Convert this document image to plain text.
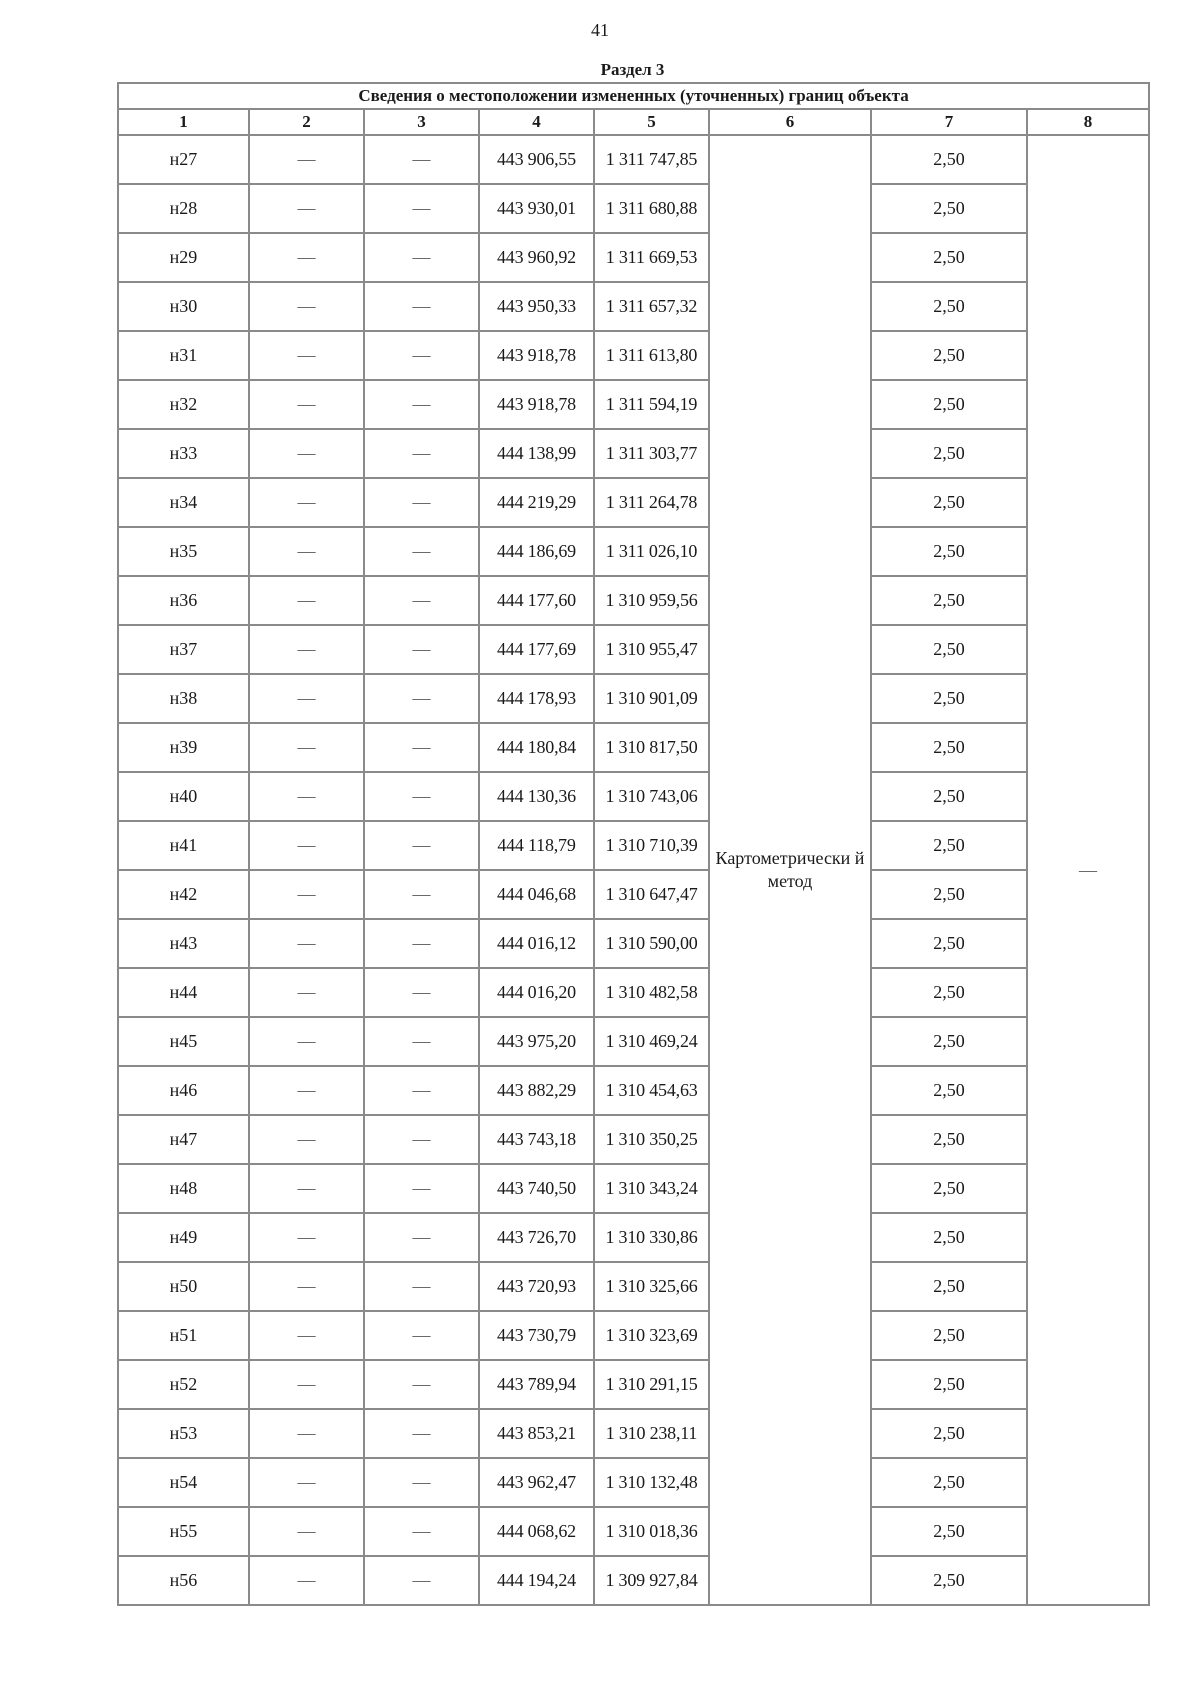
41
Раздел 3
Сведения о местоположении измененных (уточненных) границ объекта							
1	2	3	4	5	6	7	8
н27	—	—	443 906,55	1 311 747,85	Картометрически й метод	2,50	—
н28	—	—	443 930,01	1 311 680,88		2,50	
н29	—	—	443 960,92	1 311 669,53		2,50	
н30	—	—	443 950,33	1 311 657,32		2,50	
н31	—	—	443 918,78	1 311 613,80		2,50	
н32	—	—	443 918,78	1 311 594,19		2,50	
н33	—	—	444 138,99	1 311 303,77		2,50	
н34	—	—	444 219,29	1 311 264,78		2,50	
н35	—	—	444 186,69	1 311 026,10		2,50	
н36	—	—	444 177,60	1 310 959,56		2,50	
н37	—	—	444 177,69	1 310 955,47		2,50	
н38	—	—	444 178,93	1 310 901,09		2,50	
н39	—	—	444 180,84	1 310 817,50		2,50	
н40	—	—	444 130,36	1 310 743,06		2,50	
н41	—	—	444 118,79	1 310 710,39		2,50	
н42	—	—	444 046,68	1 310 647,47		2,50	
н43	—	—	444 016,12	1 310 590,00		2,50	
н44	—	—	444 016,20	1 310 482,58		2,50	
н45	—	—	443 975,20	1 310 469,24		2,50	
н46	—	—	443 882,29	1 310 454,63		2,50	
н47	—	—	443 743,18	1 310 350,25		2,50	
н48	—	—	443 740,50	1 310 343,24		2,50	
н49	—	—	443 726,70	1 310 330,86		2,50	
н50	—	—	443 720,93	1 310 325,66		2,50	
н51	—	—	443 730,79	1 310 323,69		2,50	
н52	—	—	443 789,94	1 310 291,15		2,50	
н53	—	—	443 853,21	1 310 238,11		2,50	
н54	—	—	443 962,47	1 310 132,48		2,50	
н55	—	—	444 068,62	1 310 018,36		2,50	
н56	—	—	444 194,24	1 309 927,84		2,50	
